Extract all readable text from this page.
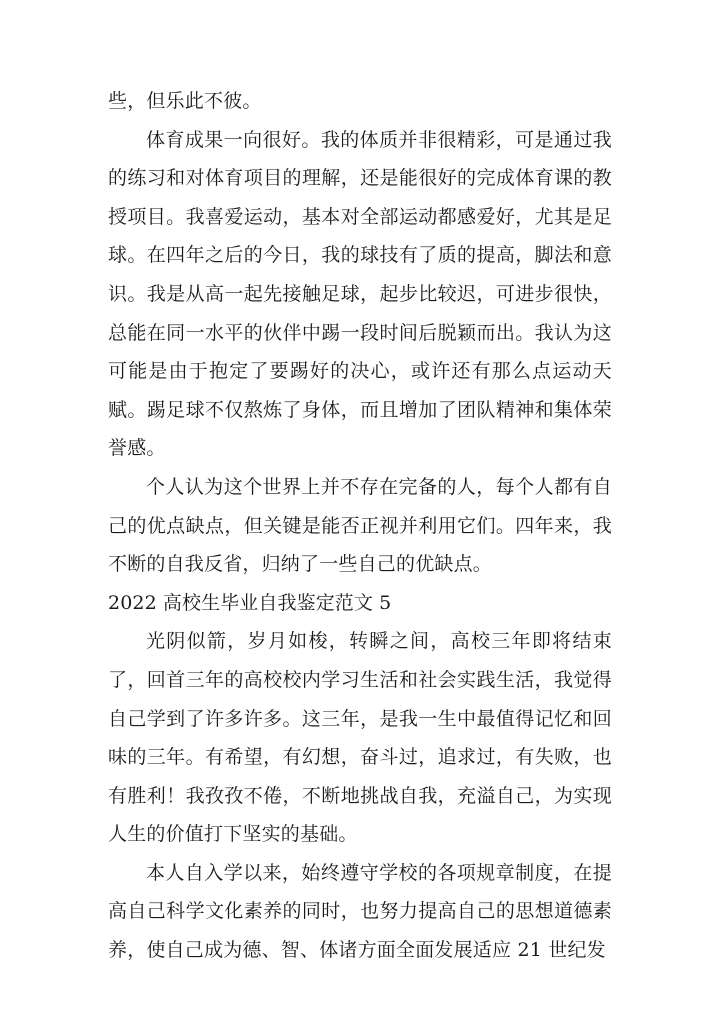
些，但乐此不彼。

体育成果一向很好。我的体质并非很精彩，可是通过我的练习和对体育项目的理解，还是能很好的完成体育课的教授项目。我喜爱运动，基本对全部运动都感爱好，尤其是足球。在四年之后的今日，我的球技有了质的提高，脚法和意识。我是从高一起先接触足球，起步比较迟，可进步很快，总能在同一水平的伙伴中踢一段时间后脱颖而出。我认为这可能是由于抱定了要踢好的决心，或许还有那么点运动天赋。踢足球不仅熬炼了身体，而且增加了团队精神和集体荣誉感。

个人认为这个世界上并不存在完备的人，每个人都有自己的优点缺点，但关键是能否正视并利用它们。四年来，我不断的自我反省，归纳了一些自己的优缺点。

2022 高校生毕业自我鉴定范文 5

光阴似箭，岁月如梭，转瞬之间，高校三年即将结束了，回首三年的高校校内学习生活和社会实践生活，我觉得自己学到了许多许多。这三年，是我一生中最值得记忆和回味的三年。有希望，有幻想，奋斗过，追求过，有失败，也有胜利！我孜孜不倦，不断地挑战自我，充溢自己，为实现人生的价值打下坚实的基础。

本人自入学以来，始终遵守学校的各项规章制度，在提高自己科学文化素养的同时，也努力提高自己的思想道德素养，使自己成为德、智、体诸方面全面发展适应 21 世纪发
